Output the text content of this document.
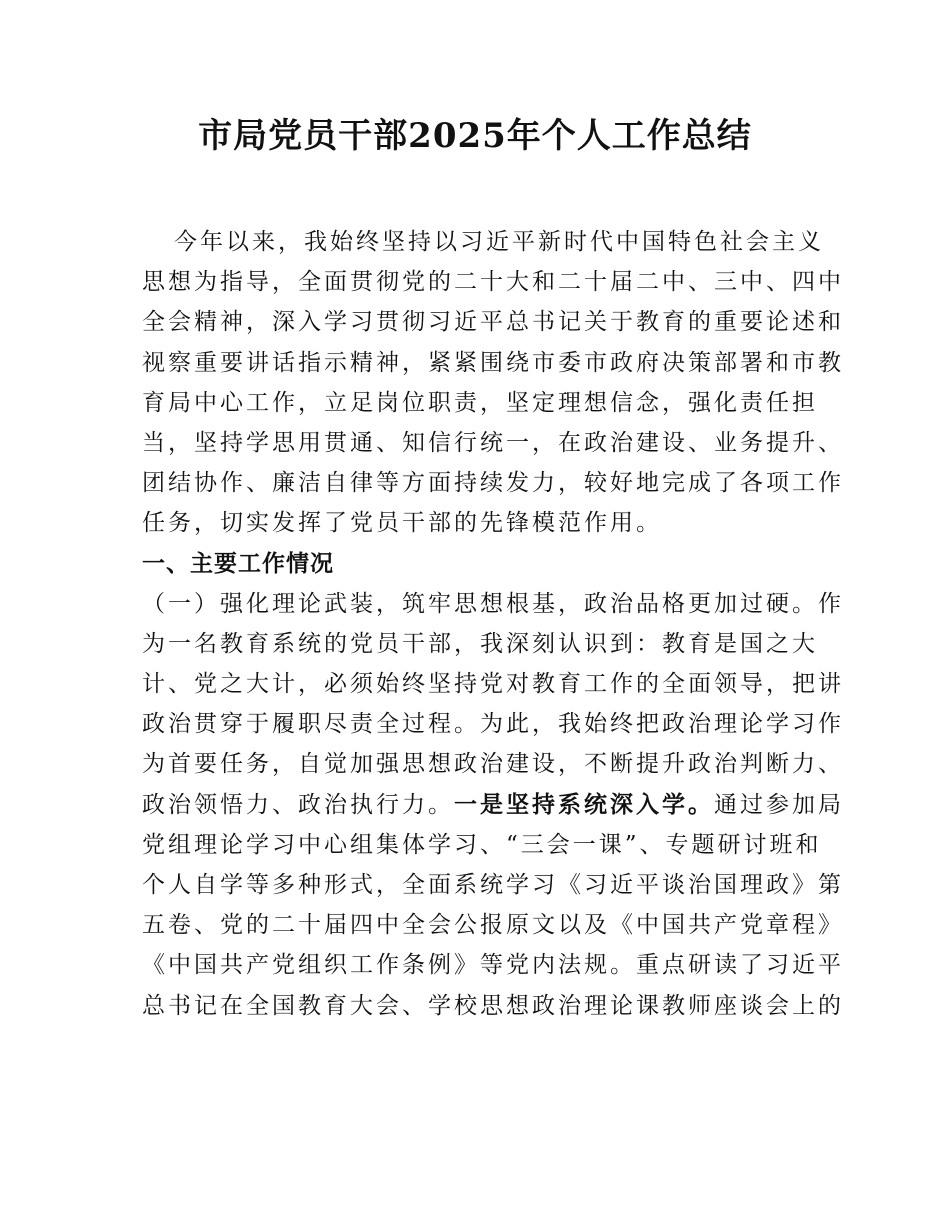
市局党员干部2025年个人工作总结
今年以来，我始终坚持以习近平新时代中国特色社会主义
思想为指导，全面贯彻党的二十大和二十届二中、三中、四中
全会精神，深入学习贯彻习近平总书记关于教育的重要论述和
视察重要讲话指示精神，紧紧围绕市委市政府决策部署和市教
育局中心工作，立足岗位职责，坚定理想信念，强化责任担
当，坚持学思用贯通、知信行统一，在政治建设、业务提升、
团结协作、廉洁自律等方面持续发力，较好地完成了各项工作
任务，切实发挥了党员干部的先锋模范作用。
一、主要工作情况
（一）强化理论武装，筑牢思想根基，政治品格更加过硬。作
为一名教育系统的党员干部，我深刻认识到：教育是国之大
计、党之大计，必须始终坚持党对教育工作的全面领导，把讲
政治贯穿于履职尽责全过程。为此，我始终把政治理论学习作
为首要任务，自觉加强思想政治建设，不断提升政治判断力、
政治领悟力、政治执行力。一是坚持系统深入学。通过参加局
党组理论学习中心组集体学习、“三会一课”、专题研讨班和
个人自学等多种形式，全面系统学习《习近平谈治国理政》第
五卷、党的二十届四中全会公报原文以及《中国共产党章程》
《中国共产党组织工作条例》等党内法规。重点研读了习近平
总书记在全国教育大会、学校思想政治理论课教师座谈会上的
